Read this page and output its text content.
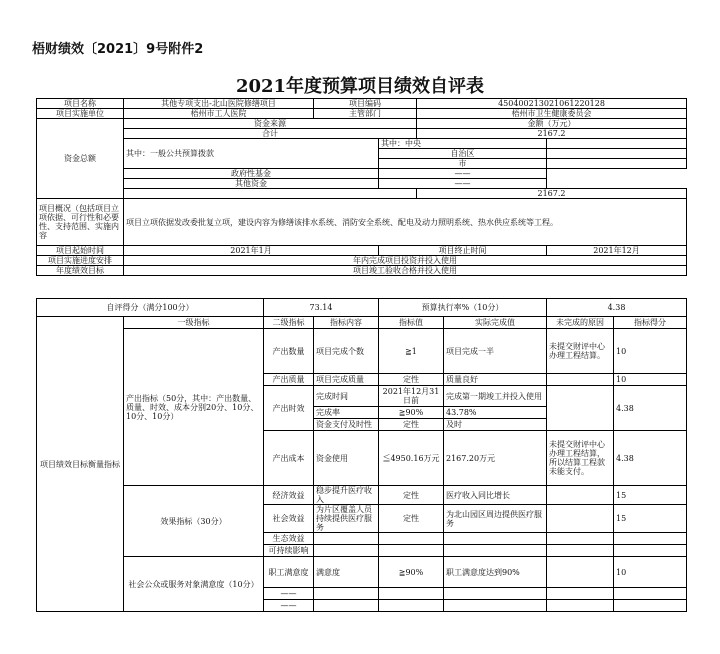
梧财绩效〔2021〕9号附件2
2021年度预算项目绩效自评表
项目名称	其他专项支出-北山医院修缮项目	项目编码		450400213021061220128	
项目实施单位	梧州市工人医院	主管部门		梧州市卫生健康委员会	
资金总额	资金来源			金额（万元）	
	合计			2167.2	
	其中：一般公共预算拨款		其中：中央		
			自治区		
			市		
	政府性基金		——		
	其他资金		——		
				2167.2	
项目概况（包括项目立项依据、可行性和必要性、支持范围、实施内容	项目立项依据发改委批复立项，建设内容为修缮该排水系统、消防安全系统、配电及动力照明系统、热水供应系统等工程。				
项目起始时间	2021年1月		项目终止时间		2021年12月
项目实施进度安排	年内完成项目投资并投入使用				
年度绩效目标	项目竣工验收合格并投入使用				
自评得分（满分100分）		73.14		预算执行率%（10分）		4.38	
项目绩效目标衡量指标	一级指标	二级指标	指标内容	指标值	实际完成值	未完成的原因	指标得分
	产出指标（50分，其中：产出数量、质量、时效、成本分别20分、10分、10分、10分）	产出数量	项目完成个数	≧1	项目完成一半	未提交财评中心办理工程结算。	10
		产出质量	项目完成质量	定性	质量良好		10
		产出时效	完成时间	2021年12月31日前	完成第一期竣工并投入使用		4.38
			完成率	≧90%	43.78%		
			资金支付及时性	定性	及时		
		产出成本	资金使用	≦4950.16万元	2167.20万元	未提交财评中心办理工程结算，所以结算工程款未能支付。	4.38
	效果指标（30分）	经济效益	稳步提升医疗收入	定性	医疗收入同比增长		15
		社会效益	为片区覆盖人员持续提供医疗服务	定性	为北山园区周边提供医疗服务		15
		生态效益					
		可持续影响					
	社会公众或服务对象满意度（10分）	职工满意度	满意度	≧90%	职工满意度达到90%		10
		——					
		——					
